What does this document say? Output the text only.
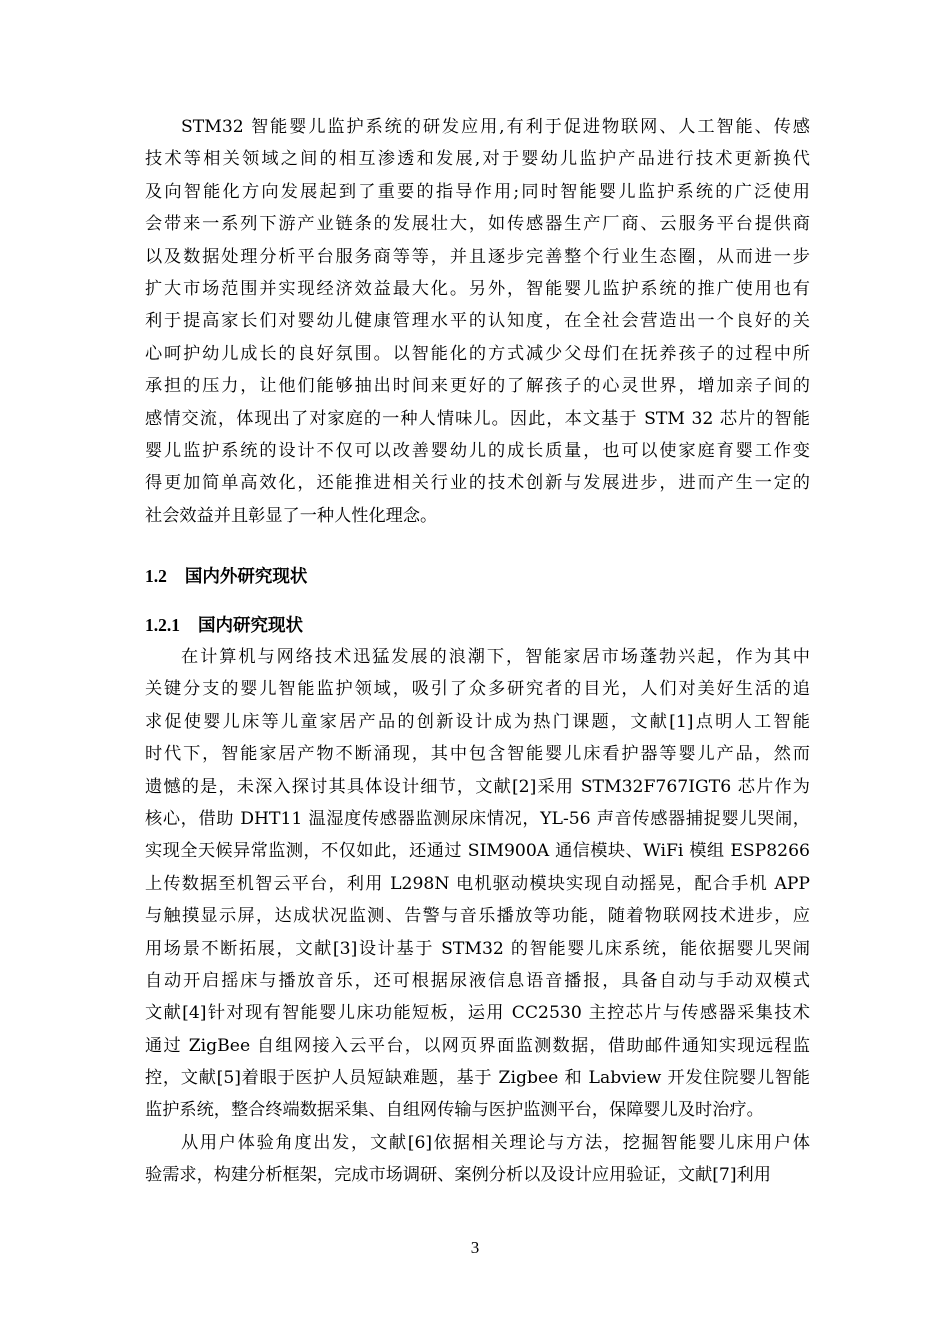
STM32 智能婴儿监护系统的研发应用,有利于促进物联网、人工智能、传感
技术等相关领域之间的相互渗透和发展,对于婴幼儿监护产品进行技术更新换代
及向智能化方向发展起到了重要的指导作用;同时智能婴儿监护系统的广泛使用
会带来一系列下游产业链条的发展壮大，如传感器生产厂商、云服务平台提供商
以及数据处理分析平台服务商等等，并且逐步完善整个行业生态圈，从而进一步
扩大市场范围并实现经济效益最大化。另外，智能婴儿监护系统的推广使用也有
利于提高家长们对婴幼儿健康管理水平的认知度，在全社会营造出一个良好的关
心呵护幼儿成长的良好氛围。以智能化的方式减少父母们在抚养孩子的过程中所
承担的压力，让他们能够抽出时间来更好的了解孩子的心灵世界，增加亲子间的
感情交流，体现出了对家庭的一种人情味儿。因此，本文基于 STM 32 芯片的智能
婴儿监护系统的设计不仅可以改善婴幼儿的成长质量，也可以使家庭育婴工作变
得更加简单高效化，还能推进相关行业的技术创新与发展进步，进而产生一定的
社会效益并且彰显了一种人性化理念。
1.2 国内外研究现状
1.2.1 国内研究现状
在计算机与网络技术迅猛发展的浪潮下，智能家居市场蓬勃兴起，作为其中
关键分支的婴儿智能监护领域，吸引了众多研究者的目光，人们对美好生活的追
求促使婴儿床等儿童家居产品的创新设计成为热门课题，文献[1]点明人工智能
时代下，智能家居产物不断涌现，其中包含智能婴儿床看护器等婴儿产品，然而
遗憾的是，未深入探讨其具体设计细节，文献[2]采用 STM32F767IGT6 芯片作为
核心，借助 DHT11 温湿度传感器监测尿床情况，YL-56 声音传感器捕捉婴儿哭闹，
实现全天候异常监测，不仅如此，还通过 SIM900A 通信模块、WiFi 模组 ESP8266
上传数据至机智云平台，利用 L298N 电机驱动模块实现自动摇晃，配合手机 APP
与触摸显示屏，达成状况监测、告警与音乐播放等功能，随着物联网技术进步，应
用场景不断拓展，文献[3]设计基于 STM32 的智能婴儿床系统，能依据婴儿哭闹
自动开启摇床与播放音乐，还可根据尿液信息语音播报，具备自动与手动双模式
文献[4]针对现有智能婴儿床功能短板，运用 CC2530 主控芯片与传感器采集技术
通过 ZigBee 自组网接入云平台，以网页界面监测数据，借助邮件通知实现远程监
控，文献[5]着眼于医护人员短缺难题，基于 Zigbee 和 Labview 开发住院婴儿智能
监护系统，整合终端数据采集、自组网传输与医护监测平台，保障婴儿及时治疗。
从用户体验角度出发，文献[6]依据相关理论与方法，挖掘智能婴儿床用户体
验需求，构建分析框架，完成市场调研、案例分析以及设计应用验证，文献[7]利用
3
